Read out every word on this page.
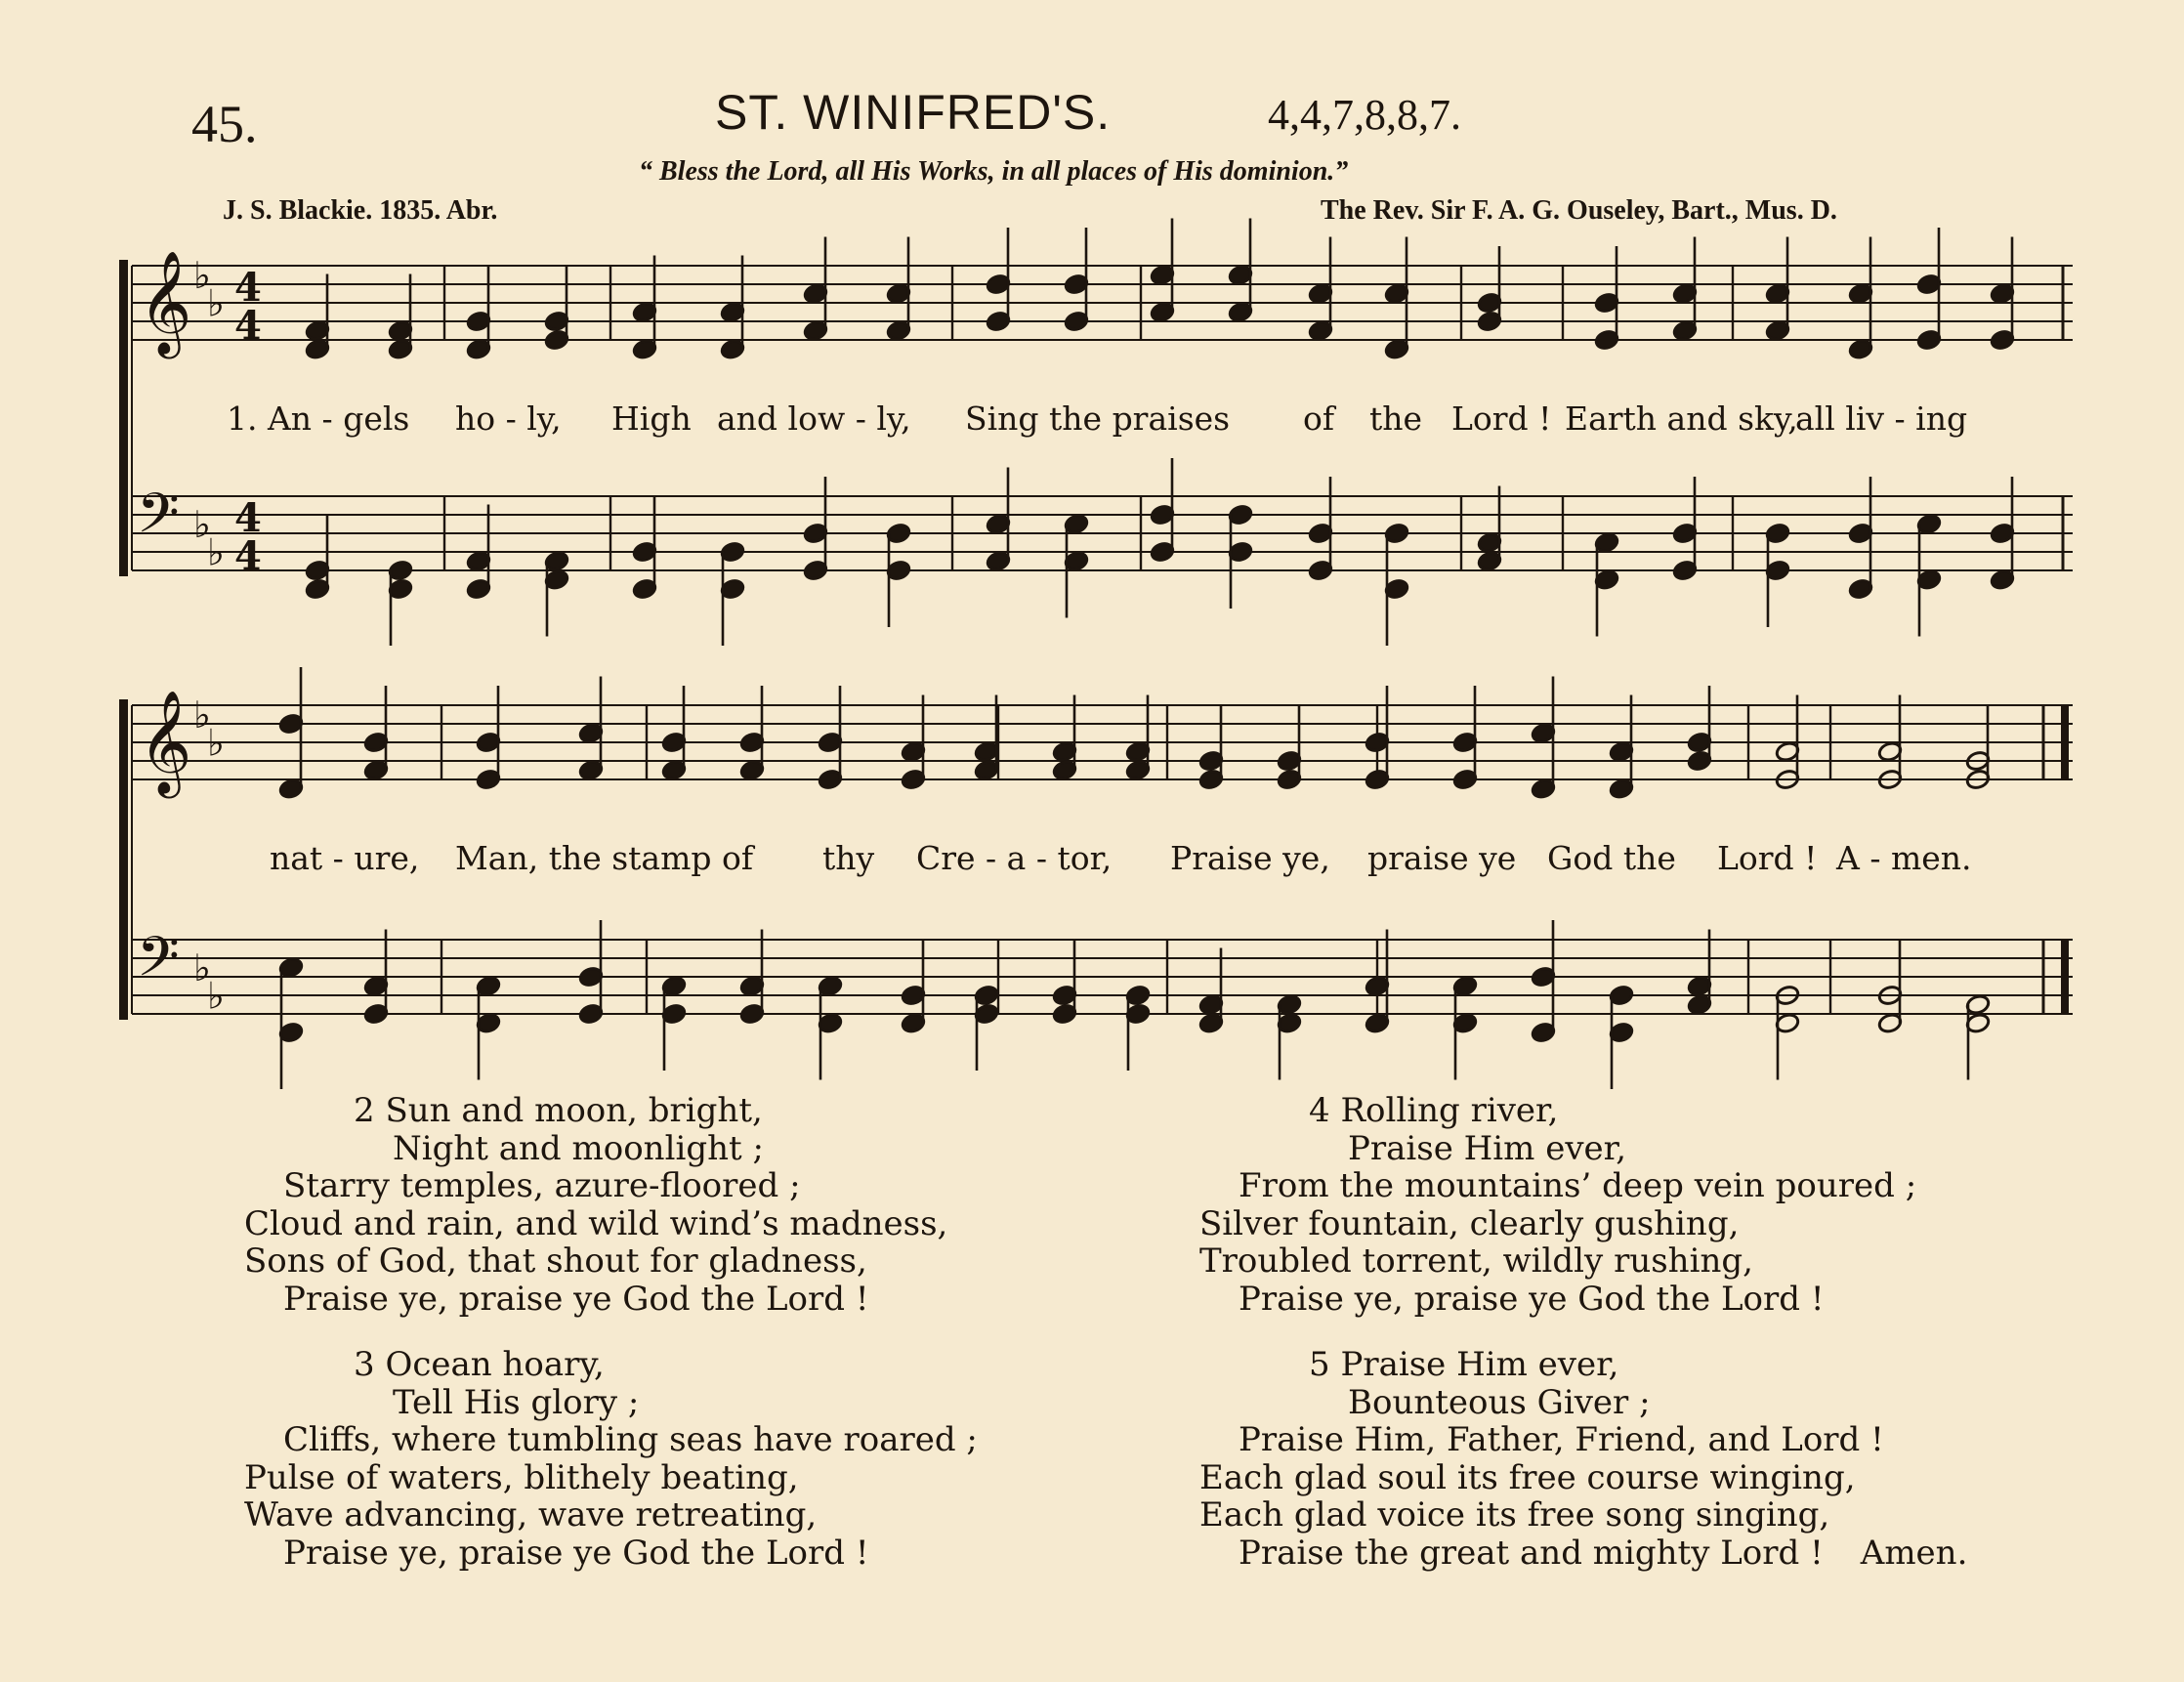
45.	ST. WINIFRED'S.	4,4,7,8,8,7.
“ Bless the Lord, all His Works, in all places of His dominion.”
J. S. Blackie. 1835. Abr.	The Rev. Sir F. A. G. Ouseley, Bart., Mus. D.
𝄞 ♭
♭ 4
4
𝄢 ♭
♭
4
4
𝄞 ♭
♭
𝄢 ♭
♭
1. An - gels ho - ly, High and low - ly, Sing the praises of the Lord ! Earth and sky,
all liv - ing
nat - ure, Man, the stamp of thy Cre - a - tor, Praise ye, praise ye God the Lord ! A - men.
2 Sun and moon, bright,
Night and moonlight ;
Starry temples, azure-floored ;
Cloud and rain, and wild wind’s madness,
Sons of God, that shout for gladness,
Praise ye, praise ye God the Lord !
3 Ocean hoary,
Tell His glory ;
Cliffs, where tumbling seas have roared ;
Pulse of waters, blithely beating,
Wave advancing, wave retreating,
Praise ye, praise ye God the Lord !
4 Rolling river,
Praise Him ever,
From the mountains’ deep vein poured ;
Silver fountain, clearly gushing,
Troubled torrent, wildly rushing,
Praise ye, praise ye God the Lord !
5 Praise Him ever,
Bounteous Giver ;
Praise Him, Father, Friend, and Lord !
Each glad soul its free course winging,
Each glad voice its free song singing,
Praise the great and mighty Lord ! Amen.
